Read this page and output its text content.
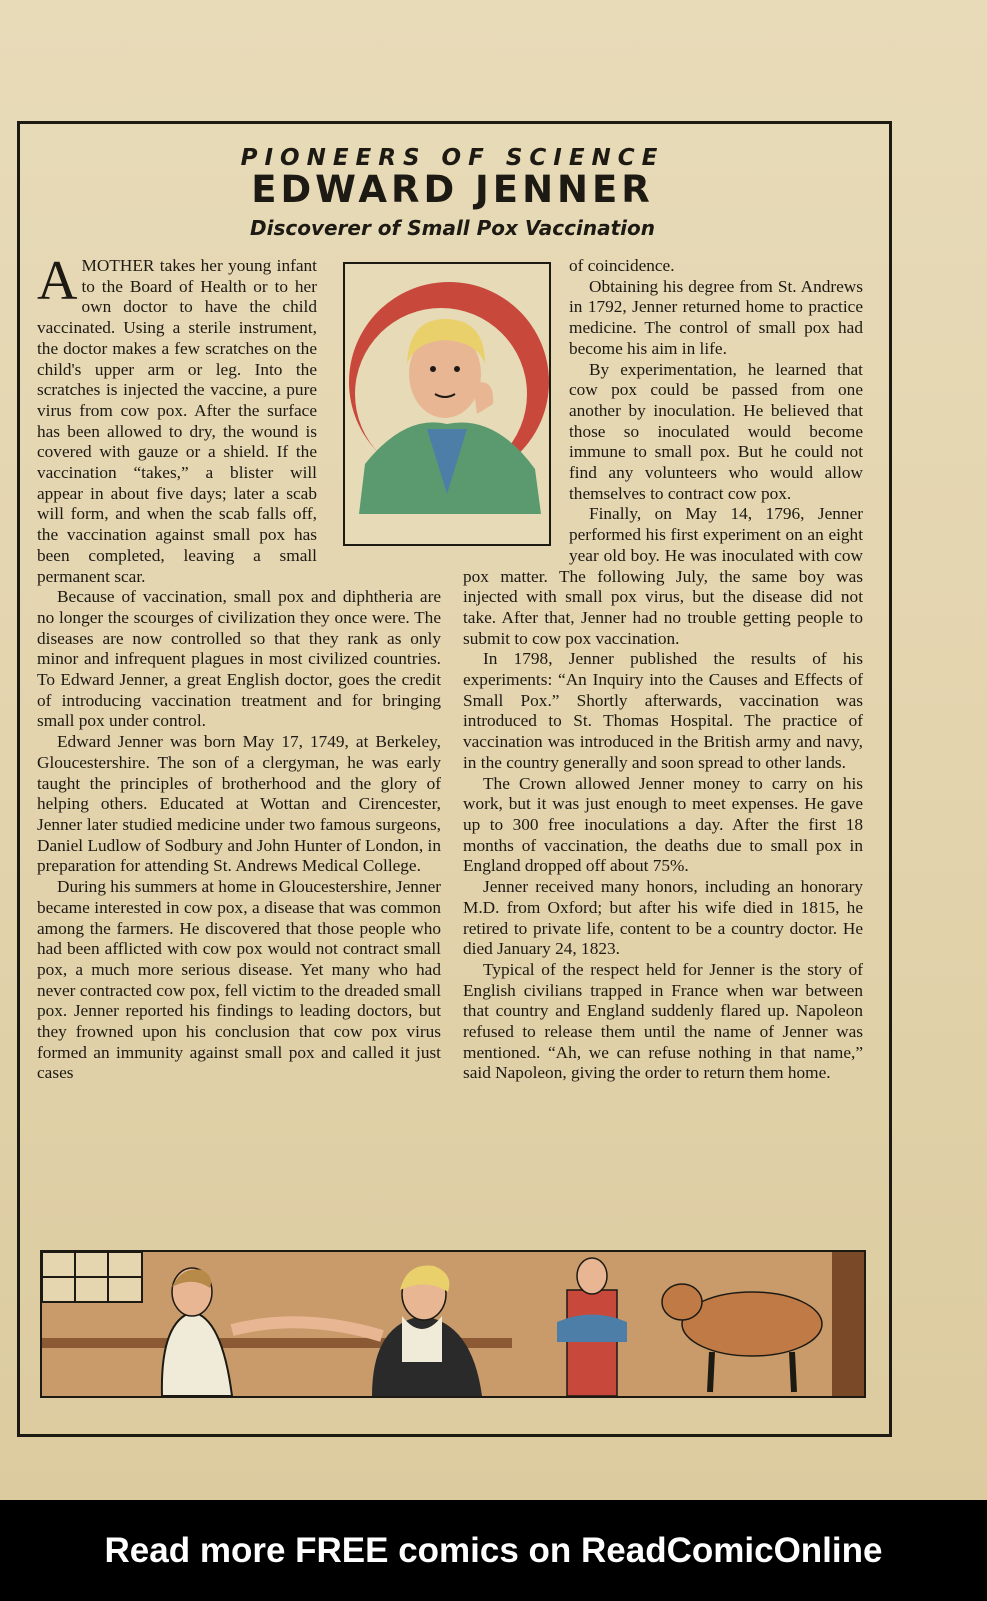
PIONEERS OF SCIENCE
EDWARD JENNER
Discoverer of Small Pox Vaccination

AMOTHER takes her young infant to the Board of Health or to her own doctor to have the child vaccinated. Using a sterile instrument, the doctor makes a few scratches on the child's upper arm or leg. Into the scratches is injected the vaccine, a pure virus from cow pox. After the surface has been allowed to dry, the wound is covered with gauze or a shield. If the vaccination “takes,” a blister will appear in about five days; later a scab will form, and when the scab falls off, the vaccination against small pox has been completed, leaving a small permanent scar.

Because of vaccination, small pox and diphtheria are no longer the scourges of civilization they once were. The diseases are now controlled so that they rank as only minor and infrequent plagues in most civilized countries. To Edward Jenner, a great English doctor, goes the credit of introducing vaccination treatment and for bringing small pox under control.

Edward Jenner was born May 17, 1749, at Berkeley, Gloucestershire. The son of a clergyman, he was early taught the principles of brotherhood and the glory of helping others. Educated at Wottan and Cirencester, Jenner later studied medicine under two famous surgeons, Daniel Ludlow of Sodbury and John Hunter of London, in preparation for attending St. Andrews Medical College.

During his summers at home in Gloucestershire, Jenner became interested in cow pox, a disease that was common among the farmers. He discovered that those people who had been afflicted with cow pox would not contract small pox, a much more serious disease. Yet many who had never contracted cow pox, fell victim to the dreaded small pox. Jenner reported his findings to leading doctors, but they frowned upon his conclusion that cow pox virus formed an immunity against small pox and called it just cases

of coincidence.

Obtaining his degree from St. Andrews in 1792, Jenner returned home to practice medicine. The control of small pox had become his aim in life.

By experimentation, he learned that cow pox could be passed from one another by inoculation. He believed that those so inoculated would become immune to small pox. But he could not find any volunteers who would allow themselves to contract cow pox.

Finally, on May 14, 1796, Jenner performed his first experiment on an eight year old boy. He was inoculated with cow pox matter. The following July, the same boy was injected with small pox virus, but the disease did not take. After that, Jenner had no trouble getting people to submit to cow pox vaccination.

In 1798, Jenner published the results of his experiments: “An Inquiry into the Causes and Effects of Small Pox.” Shortly afterwards, vaccination was introduced to St. Thomas Hospital. The practice of vaccination was introduced in the British army and navy, in the country generally and soon spread to other lands.

The Crown allowed Jenner money to carry on his work, but it was just enough to meet expenses. He gave up to 300 free inoculations a day. After the first 18 months of vaccination, the deaths due to small pox in England dropped off about 75%.

Jenner received many honors, including an honorary M.D. from Oxford; but after his wife died in 1815, he retired to private life, content to be a country doctor. He died January 24, 1823.

Typical of the respect held for Jenner is the story of English civilians trapped in France when war between that country and England suddenly flared up. Napoleon refused to release them until the name of Jenner was mentioned. “Ah, we can refuse nothing in that name,” said Napoleon, giving the order to return them home.

Read more FREE comics on ReadComicOnline
